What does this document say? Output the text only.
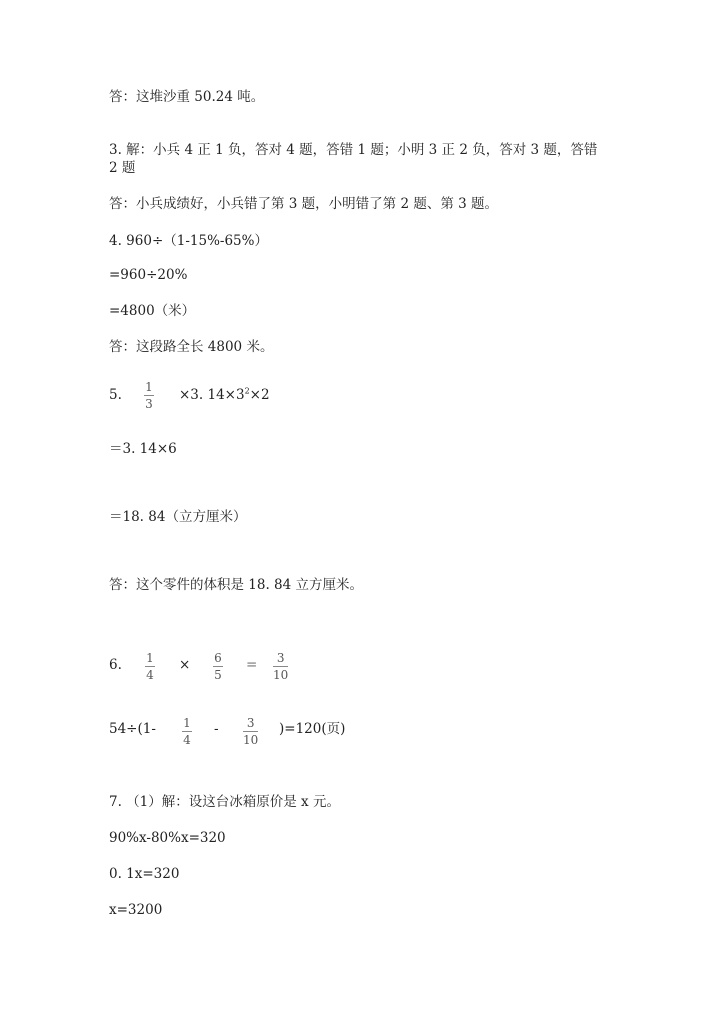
答：这堆沙重 50.24 吨。
3. 解：小兵 4 正 1 负，答对 4 题，答错 1 题；小明 3 正 2 负，答对 3 题，答错
2 题
答：小兵成绩好，小兵错了第 3 题，小明错了第 2 题、第 3 题。
4. 960÷（1-15%-65%）
=960÷20%
=4800（米）
答：这段路全长 4800 米。
5. 1
3
×3. $14\times 3^2\times 2$
＝3. 14×6
＝18. 84（立方厘米）
答：这个零件的体积是 18. 84 立方厘米。
6. 1
4
× 6
5
= 3
10
54÷(1- 1
4
- 3
10
)=120(页)
7. （1）解：设这台冰箱原价是 x 元。
90%x-80%x=320
0. 1x=320
x=3200
